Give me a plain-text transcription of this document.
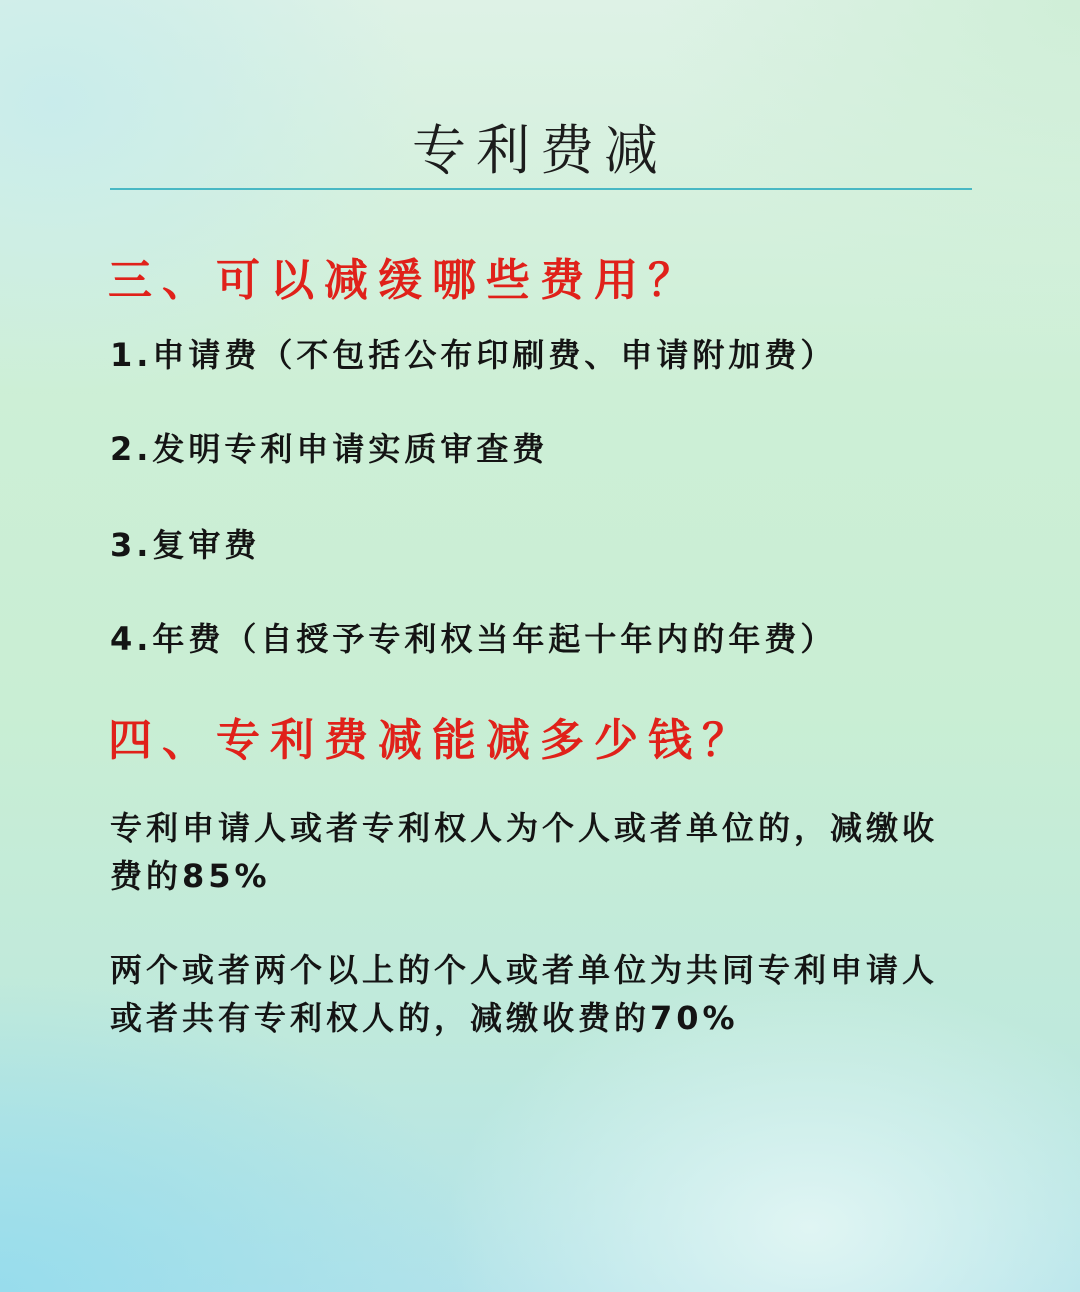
专利费减
三、可以减缓哪些费用？
1.申请费（不包括公布印刷费、申请附加费）
2.发明专利申请实质审查费
3.复审费
4.年费（自授予专利权当年起十年内的年费）
四、专利费减能减多少钱？
专利申请人或者专利权人为个人或者单位的，减缴收费的85%
两个或者两个以上的个人或者单位为共同专利申请人或者共有专利权人的，减缴收费的70%
